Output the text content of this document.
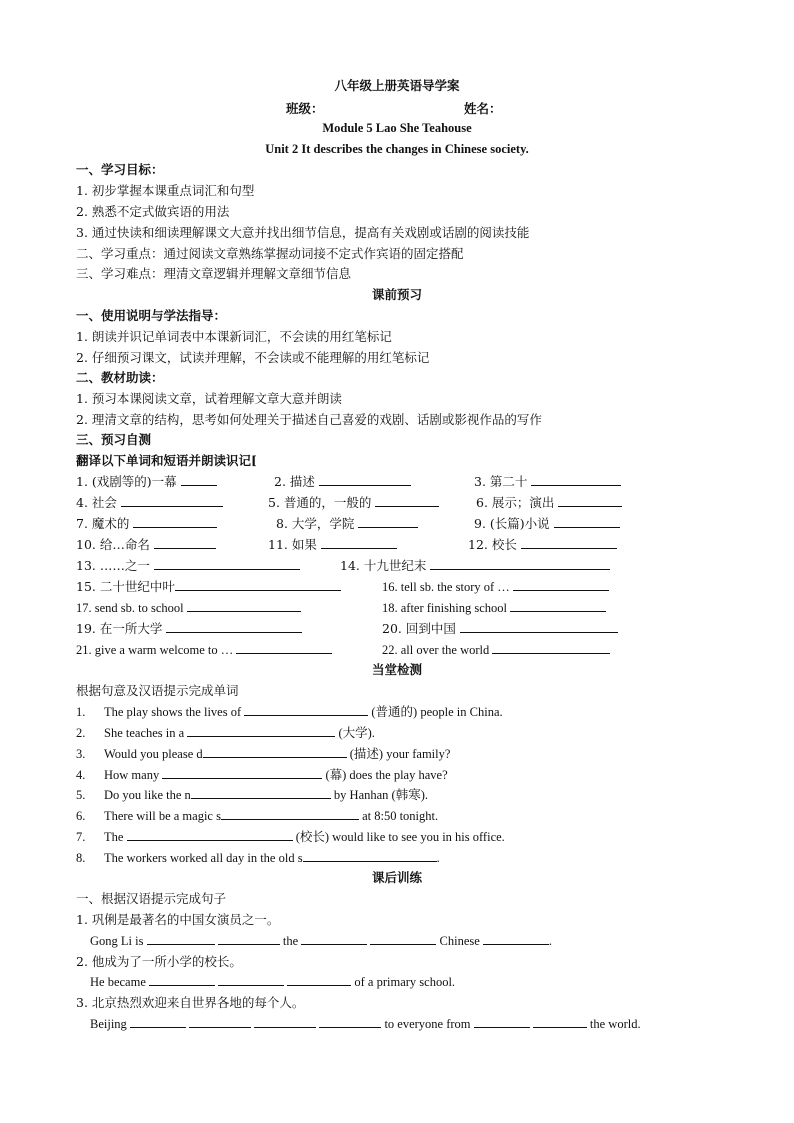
八年级上册英语导学案
班级：	姓名：
Module 5 Lao She Teahouse
Unit 2 It describes the changes in Chinese society.
一、学习目标：
1. 初步掌握本课重点词汇和句型
2. 熟悉不定式做宾语的用法
3. 通过快读和细读理解课文大意并找出细节信息，提高有关戏剧或话剧的阅读技能
二、学习重点：通过阅读文章熟练掌握动词接不定式作宾语的固定搭配
三、学习难点：理清文章逻辑并理解文章细节信息
课前预习
一、使用说明与学法指导：
1. 朗读并识记单词表中本课新词汇，不会读的用红笔标记
2. 仔细预习课文，试读并理解，不会读或不能理解的用红笔标记
二、教材助读：
1. 预习本课阅读文章，试着理解文章大意并朗读
2. 理清文章的结构，思考如何处理关于描述自己喜爱的戏剧、话剧或影视作品的写作
三、预习自测
翻译以下单词和短语并朗读识记[
1. (戏剧等的)一幕	2. 描述	3. 第二十
4. 社会	5. 普通的，一般的	6. 展示；演出
7. 魔术的	8. 大学，学院	9. (长篇)小说
10. 给…命名	11. 如果	12. 校长
13. ……之一	14. 十九世纪末
15. 二十世纪中叶	16. tell sb. the story of …
17. send sb. to school	18. after finishing school
19. 在一所大学	20. 回到中国
21. give a warm welcome to …	22. all over the world
当堂检测
根据句意及汉语提示完成单词
1. The play shows the lives of	(普通的) people in China.
2. She teaches in a	(大学).
3. Would you please d	(描述) your family?
4. How many	(幕) does the play have?
5. Do you like the n	by Hanhan (韩寒).
6. There will be a magic s	at 8:50 tonight.
7. The	(校长) would like to see you in his office.
8. The workers worked all day in the old s	.
课后训练
一、根据汉语提示完成句子
1. 巩俐是最著名的中国女演员之一。
Gong Li is	the	Chinese	.
2. 他成为了一所小学的校长。
He became	of a primary school.
3. 北京热烈欢迎来自世界各地的每个人。
Beijing	to everyone from	the world.
